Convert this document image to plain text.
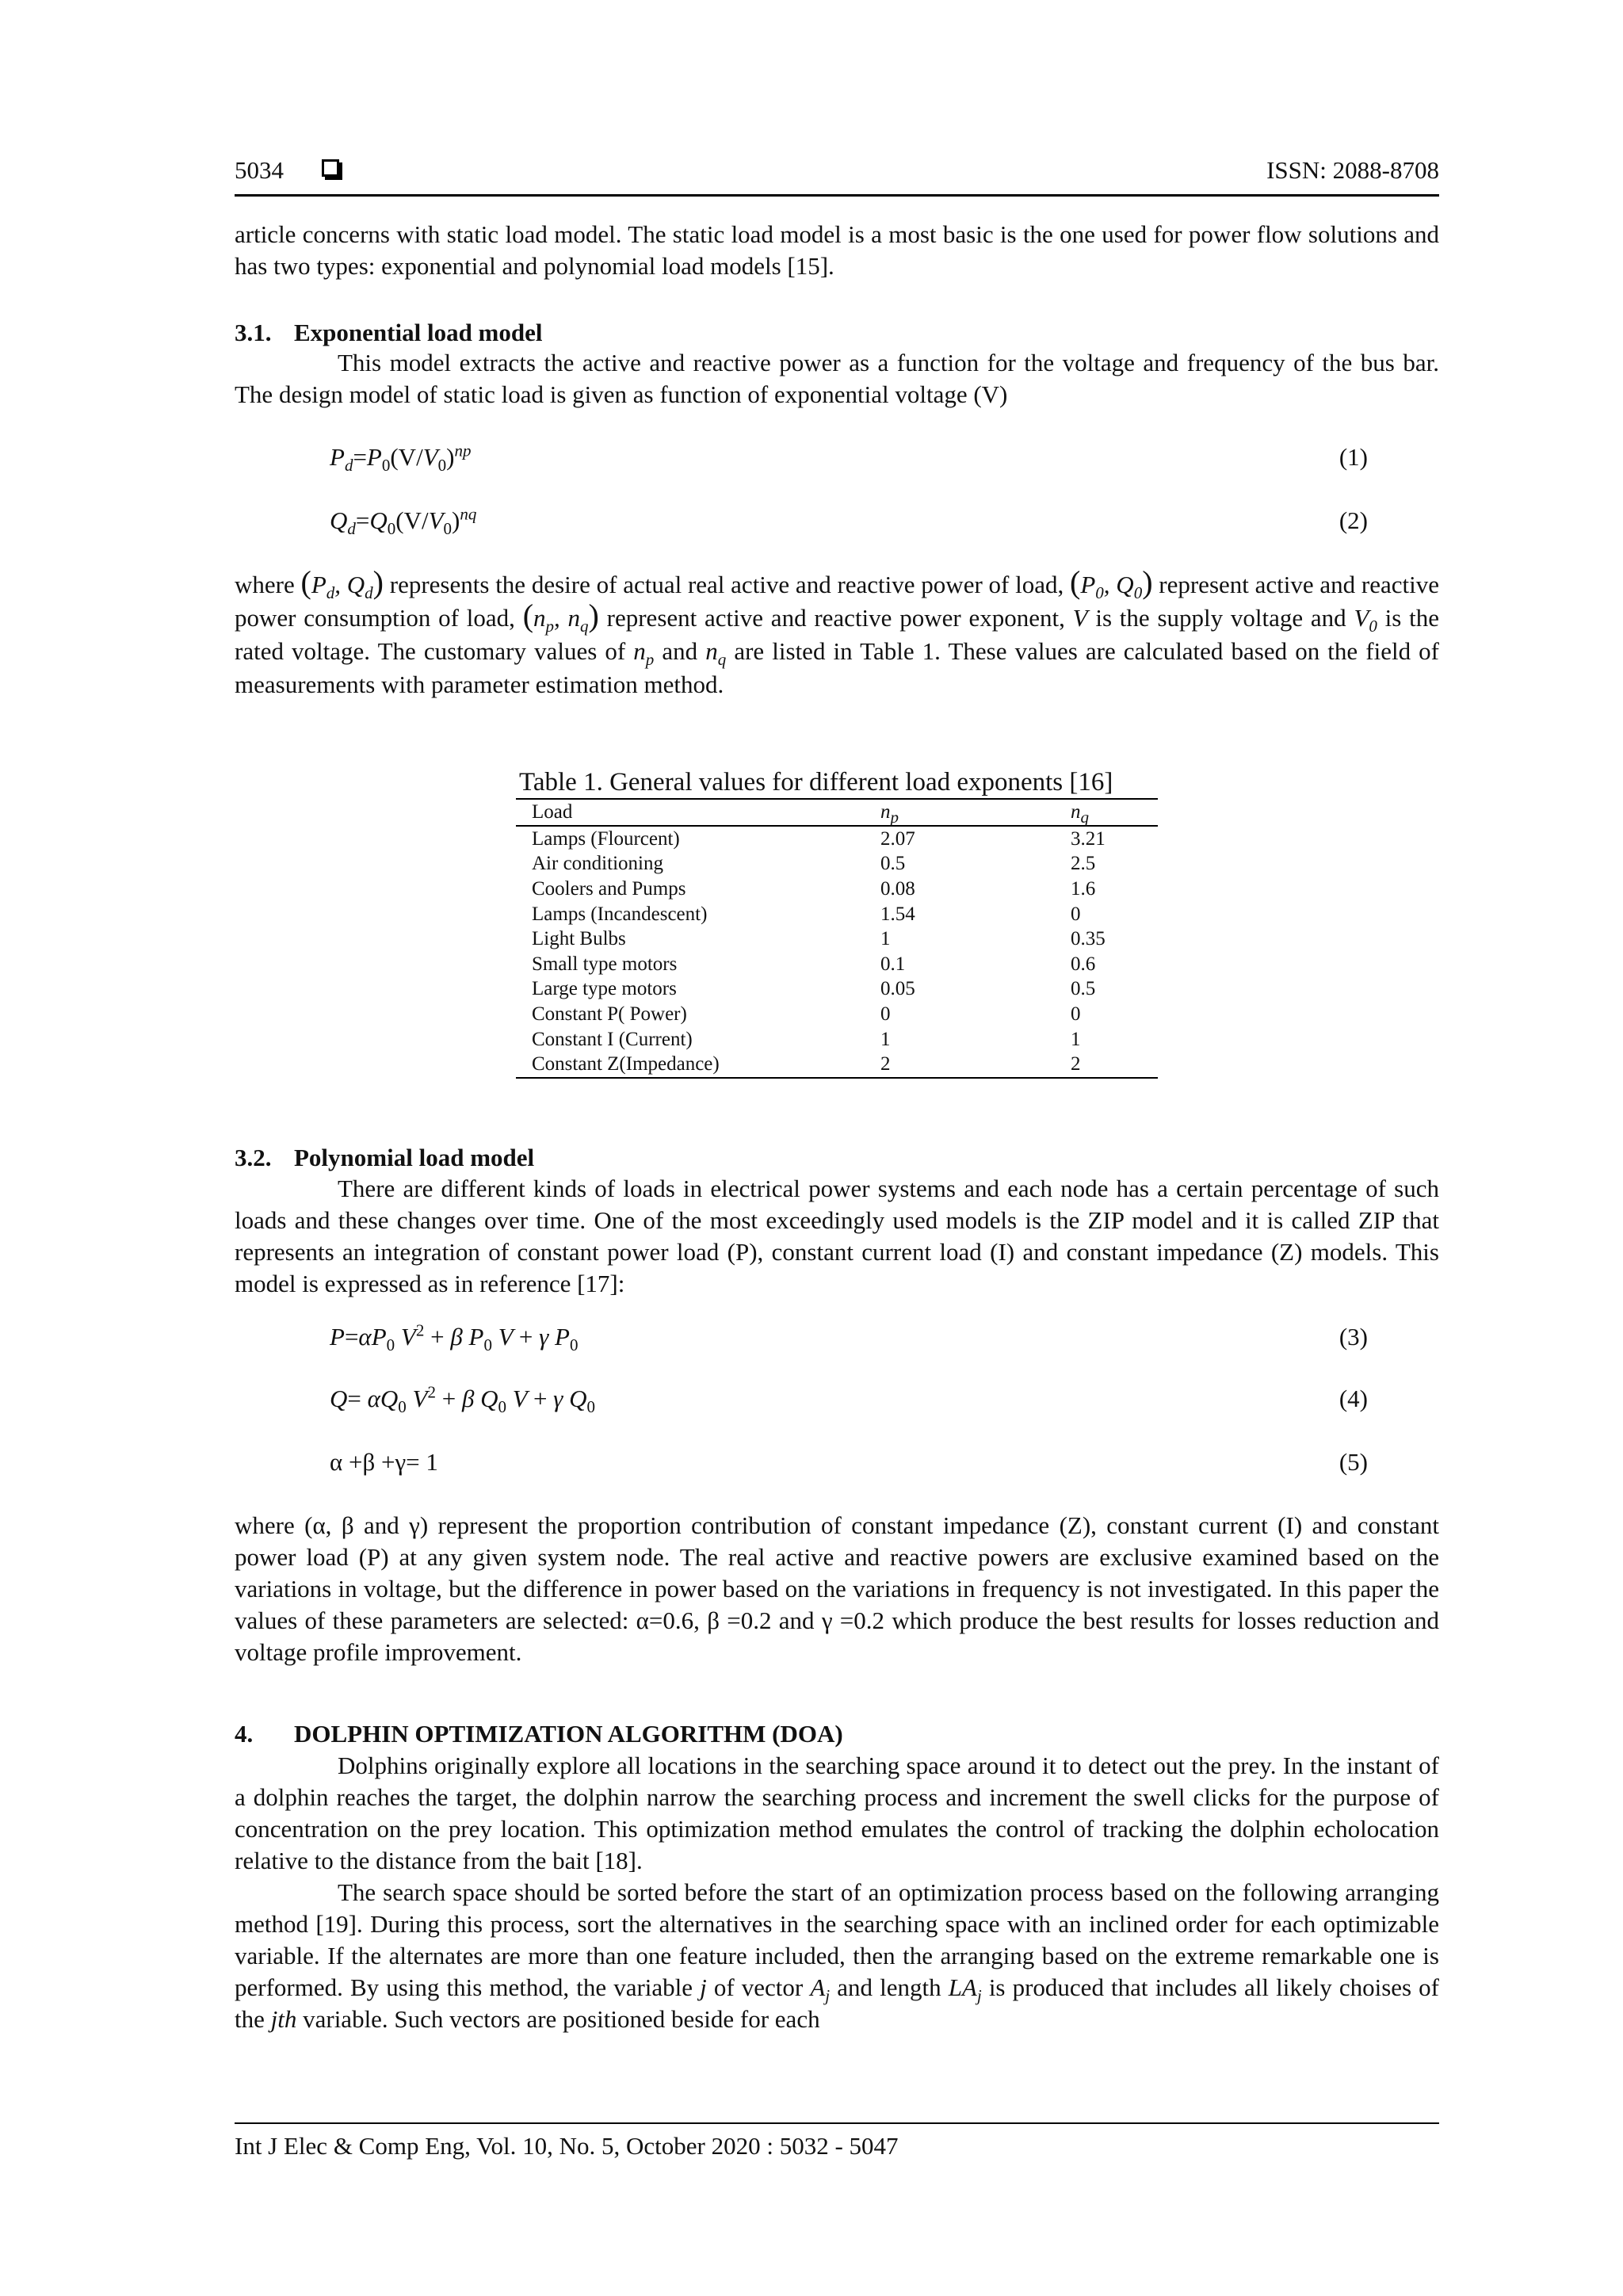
5034	ISSN: 2088-8708
article concerns with static load model. The static load model is a most basic is the one used for power flow solutions and has two types: exponential and polynomial load models [15].
3.1. Exponential load model
This model extracts the active and reactive power as a function for the voltage and frequency of the bus bar. The design model of static load is given as function of exponential voltage (V)
$P_d=P_0(V/V_0)^{np}$	(1)
$Q_d=Q_0(V/V_0)^{nq}$	(2)
where ($P_d$, $Q_d$) represents the desire of actual real active and reactive power of load, ($P_0$, $Q_0$) represent active and reactive power consumption of load, ($n_p$, $n_q$) represent active and reactive power exponent, V is the supply voltage and $V_0$ is the rated voltage. The customary values of $n_p$ and $n_q$ are listed in Table 1. These values are calculated based on the field of measurements with parameter estimation method.
Table 1. General values for different load exponents [16]
Load	$n_p$	$n_q$
Lamps (Flourcent)	2.07	3.21
Air conditioning	0.5	2.5
Coolers and Pumps	0.08	1.6
Lamps (Incandescent)	1.54	0
Light Bulbs	1	0.35
Small type motors	0.1	0.6
Large type motors	0.05	0.5
Constant P( Power)	0	0
Constant I (Current)	1	1
Constant Z(Impedance)	2	2
3.2. Polynomial load model
There are different kinds of loads in electrical power systems and each node has a certain percentage of such loads and these changes over time. One of the most exceedingly used models is the ZIP model and it is called ZIP that represents an integration of constant power load (P), constant current load (I) and constant impedance (Z) models. This model is expressed as in reference [17]:
$P=\alpha P_0$ $V^2 + \beta$ $P_0$ V + γ $P_0$	(3)
$Q= \alpha Q_0$ $V^2 + \beta$ $Q_0$ V + γ $Q_0$	(4)
α +β +γ= 1	(5)
where (α, β and γ) represent the proportion contribution of constant impedance (Z), constant current (I) and constant power load (P) at any given system node. The real active and reactive powers are exclusive examined based on the variations in voltage, but the difference in power based on the variations in frequency is not investigated. In this paper the values of these parameters are selected: α=0.6, β =0.2 and γ =0.2 which produce the best results for losses reduction and voltage profile improvement.
4. DOLPHIN OPTIMIZATION ALGORITHM (DOA)
Dolphins originally explore all locations in the searching space around it to detect out the prey. In the instant of a dolphin reaches the target, the dolphin narrow the searching process and increment the swell clicks for the purpose of concentration on the prey location. This optimization method emulates the control of tracking the dolphin echolocation relative to the distance from the bait [18].
The search space should be sorted before the start of an optimization process based on the following arranging method [19]. During this process, sort the alternatives in the searching space with an inclined order for each optimizable variable. If the alternates are more than one feature included, then the arranging based on the extreme remarkable one is performed. By using this method, the variable j of vector $A_j$ and length $LA_j$ is produced that includes all likely choises of the jth variable. Such vectors are positioned beside for each
Int J Elec & Comp Eng, Vol. 10, No. 5, October 2020 : 5032 - 5047
